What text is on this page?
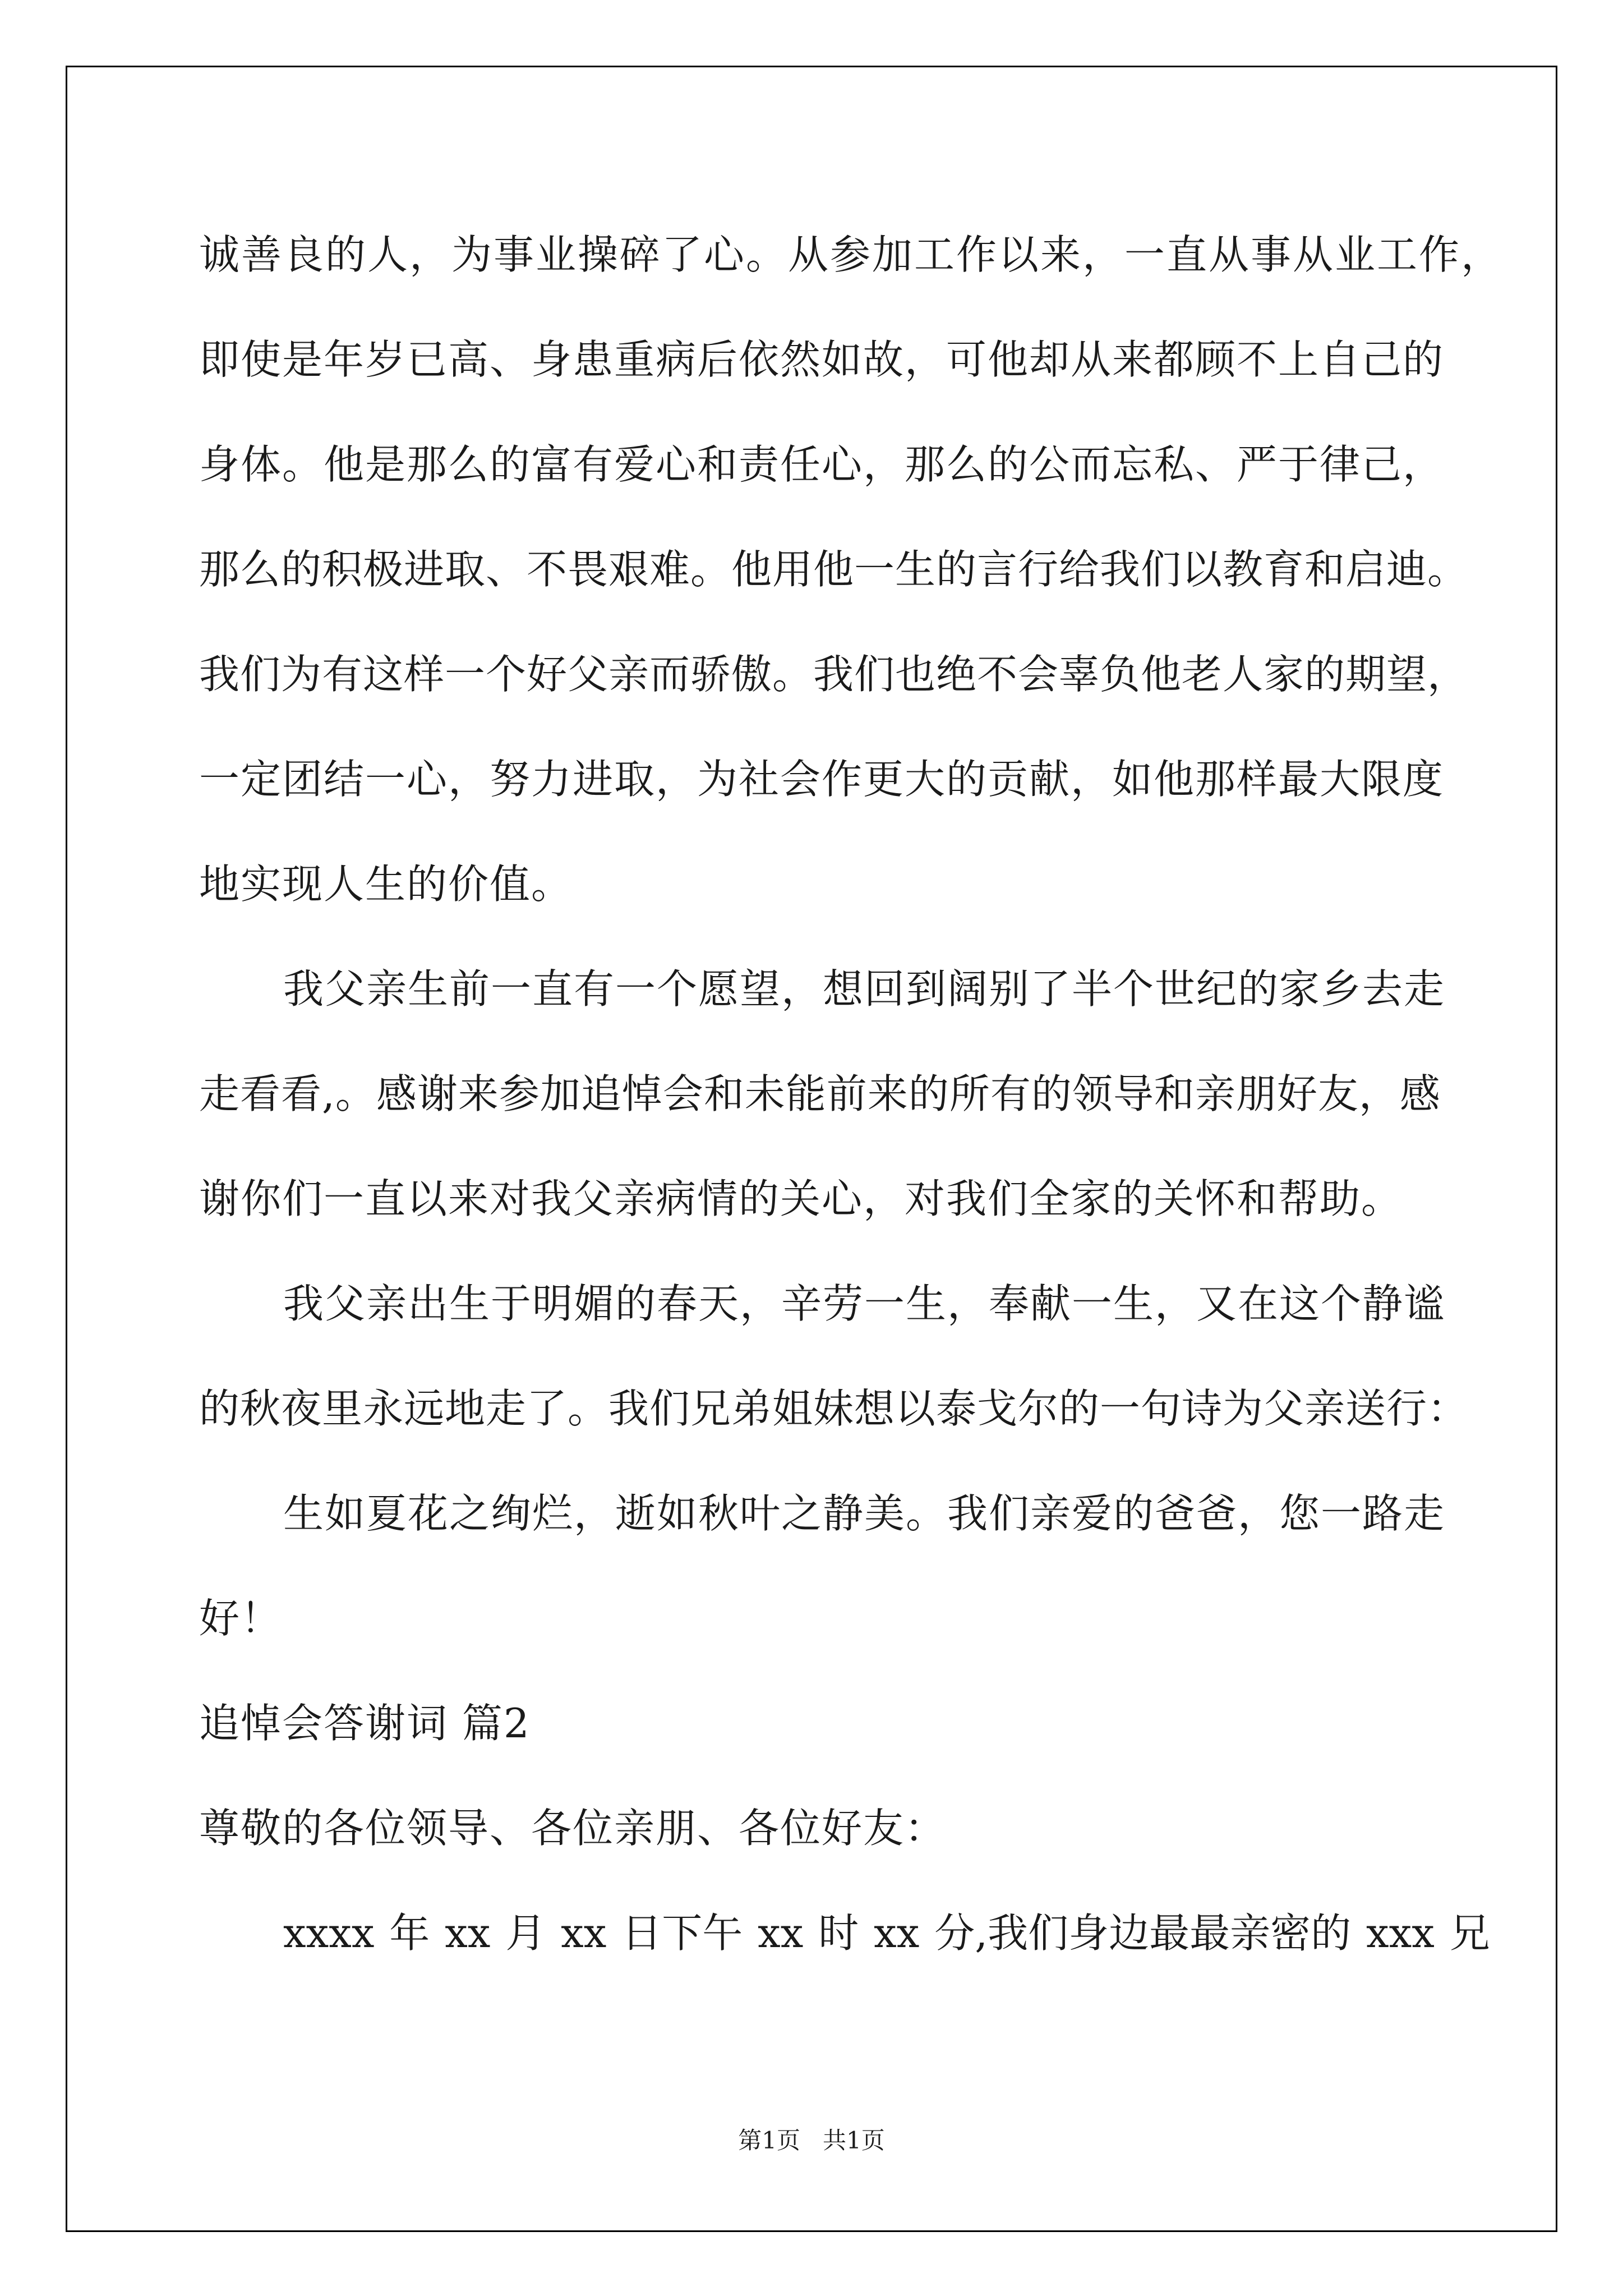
诚善良的人，为事业操碎了心。从参加工作以来，一直从事从业工作，
即使是年岁已高、身患重病后依然如故，可他却从来都顾不上自己的
身体。他是那么的富有爱心和责任心，那么的公而忘私、严于律己，
那么的积极进取、不畏艰难。他用他一生的言行给我们以教育和启迪。
我们为有这样一个好父亲而骄傲。我们也绝不会辜负他老人家的期望，
一定团结一心，努力进取，为社会作更大的贡献，如他那样最大限度
地实现人生的价值。
我父亲生前一直有一个愿望，想回到阔别了半个世纪的家乡去走
走看看,。感谢来参加追悼会和未能前来的所有的领导和亲朋好友，感
谢你们一直以来对我父亲病情的关心，对我们全家的关怀和帮助。
我父亲出生于明媚的春天，辛劳一生，奉献一生，又在这个静谧
的秋夜里永远地走了。我们兄弟姐妹想以泰戈尔的一句诗为父亲送行：
生如夏花之绚烂，逝如秋叶之静美。我们亲爱的爸爸，您一路走
好！
追悼会答谢词 篇2
尊敬的各位领导、各位亲朋、各位好友：
xxxx 年 xx 月 xx 日下午 xx 时 xx 分,我们身边最最亲密的 xxx 兄
第1页   共1页
